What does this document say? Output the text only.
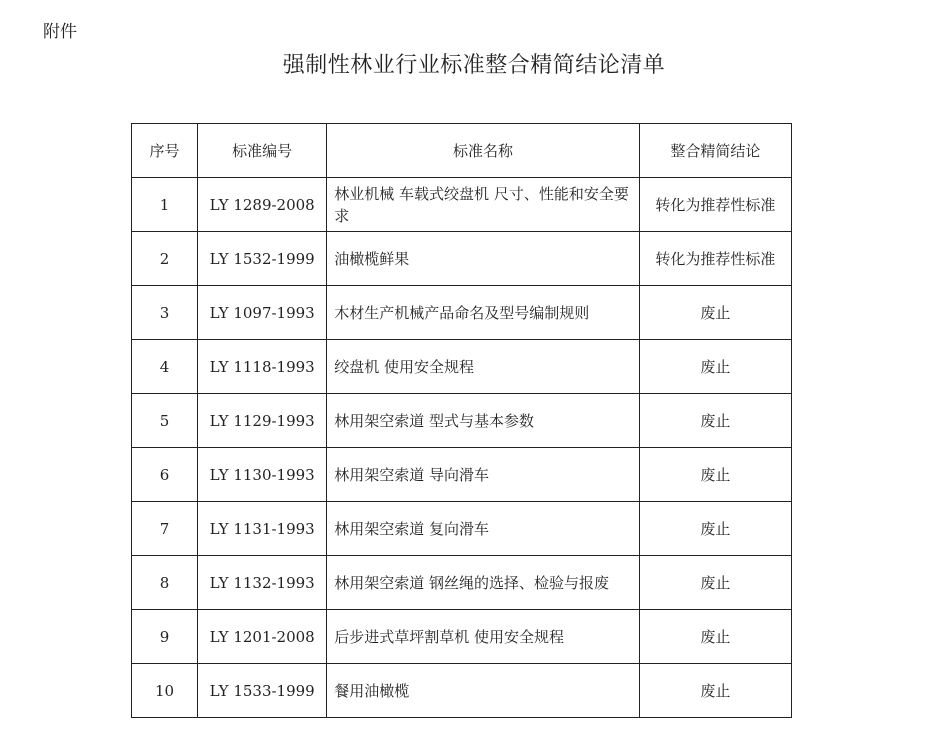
附件
强制性林业行业标准整合精简结论清单
序号	标准编号	标准名称	整合精简结论
1	LY 1289-2008	林业机械 车载式绞盘机 尺寸、性能和安全要求	转化为推荐性标准
2	LY 1532-1999	油橄榄鲜果	转化为推荐性标准
3	LY 1097-1993	木材生产机械产品命名及型号编制规则	废止
4	LY 1118-1993	绞盘机 使用安全规程	废止
5	LY 1129-1993	林用架空索道 型式与基本参数	废止
6	LY 1130-1993	林用架空索道 导向滑车	废止
7	LY 1131-1993	林用架空索道 复向滑车	废止
8	LY 1132-1993	林用架空索道 钢丝绳的选择、检验与报废	废止
9	LY 1201-2008	后步进式草坪割草机 使用安全规程	废止
10	LY 1533-1999	餐用油橄榄	废止
